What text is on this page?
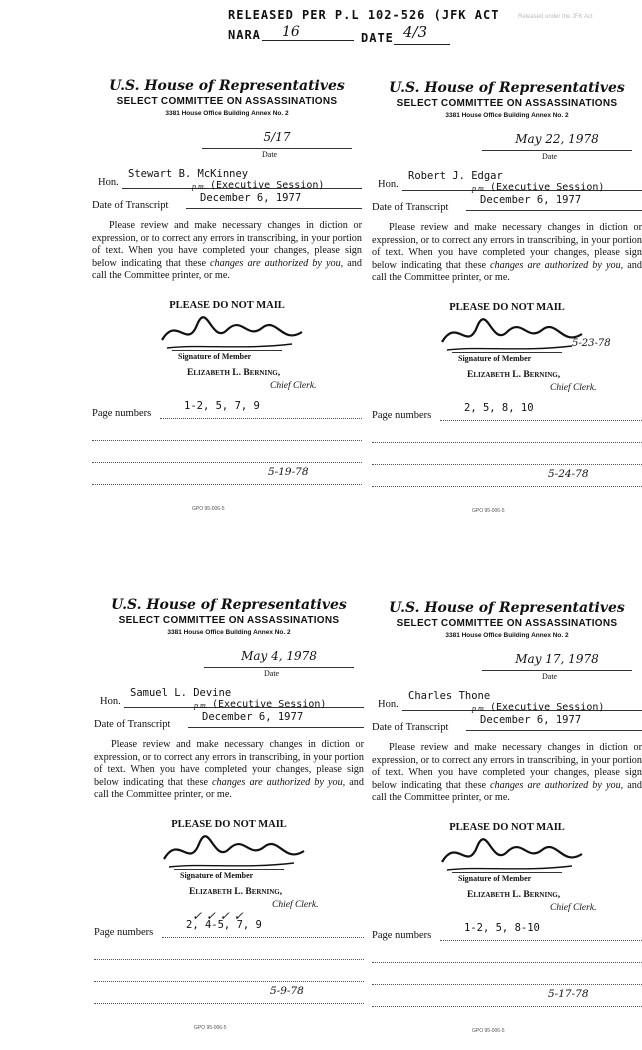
RELEASED PER P.L 102-526 (JFK ACT
NARA 16	DATE 4/3
Released under the JFK Act
U.S. House of Representatives
SELECT COMMITTEE ON ASSASSINATIONS
3381 House Office Building Annex No. 2
5/17
Date
Hon.
Stewart B. McKinney
p.m. (Executive Session)
Date of Transcript
December 6, 1977
Please review and make necessary changes in diction or expression, or to correct any errors in transcribing, in your portion of text. When you have completed your changes, please sign below indicating that these changes are authorized by you, and call the Committee printer, or me.
PLEASE DO NOT MAIL
Signature of Member
Elizabeth L. Berning,
Chief Clerk.
Page numbers
1-2, 5, 7, 9
5-19-78
GPO 95-006-5
U.S. House of Representatives
SELECT COMMITTEE ON ASSASSINATIONS
3381 House Office Building Annex No. 2
May 22, 1978
Date
Hon.
Robert J. Edgar
p.m. (Executive Session)
Date of Transcript
December 6, 1977
Please review and make necessary changes in diction or expression, or to correct any errors in transcribing, in your portion of text. When you have completed your changes, please sign below indicating that these changes are authorized by you, and call the Committee printer, or me.
PLEASE DO NOT MAIL
Signature of Member
Elizabeth L. Berning,
Chief Clerk.
Page numbers
2, 5, 8, 10
5-24-78
5-23-78
GPO 95-006-5
U.S. House of Representatives
SELECT COMMITTEE ON ASSASSINATIONS
3381 House Office Building Annex No. 2
May 4, 1978
Date
Hon.
Samuel L. Devine
p.m. (Executive Session)
Date of Transcript
December 6, 1977
Please review and make necessary changes in diction or expression, or to correct any errors in transcribing, in your portion of text. When you have completed your changes, please sign below indicating that these changes are authorized by you, and call the Committee printer, or me.
PLEASE DO NOT MAIL
Signature of Member
Elizabeth L. Berning,
Chief Clerk.
Page numbers
2, 4-5, 7, 9
5-9-78
✓ ✓ ✓ ✓
GPO 95-006-5
U.S. House of Representatives
SELECT COMMITTEE ON ASSASSINATIONS
3381 House Office Building Annex No. 2
May 17, 1978
Date
Hon.
Charles Thone
p.m. (Executive Session)
Date of Transcript
December 6, 1977
Please review and make necessary changes in diction or expression, or to correct any errors in transcribing, in your portion of text. When you have completed your changes, please sign below indicating that these changes are authorized by you, and call the Committee printer, or me.
PLEASE DO NOT MAIL
Signature of Member
Elizabeth L. Berning,
Chief Clerk.
Page numbers
1-2, 5, 8-10
5-17-78
GPO 95-006-5
